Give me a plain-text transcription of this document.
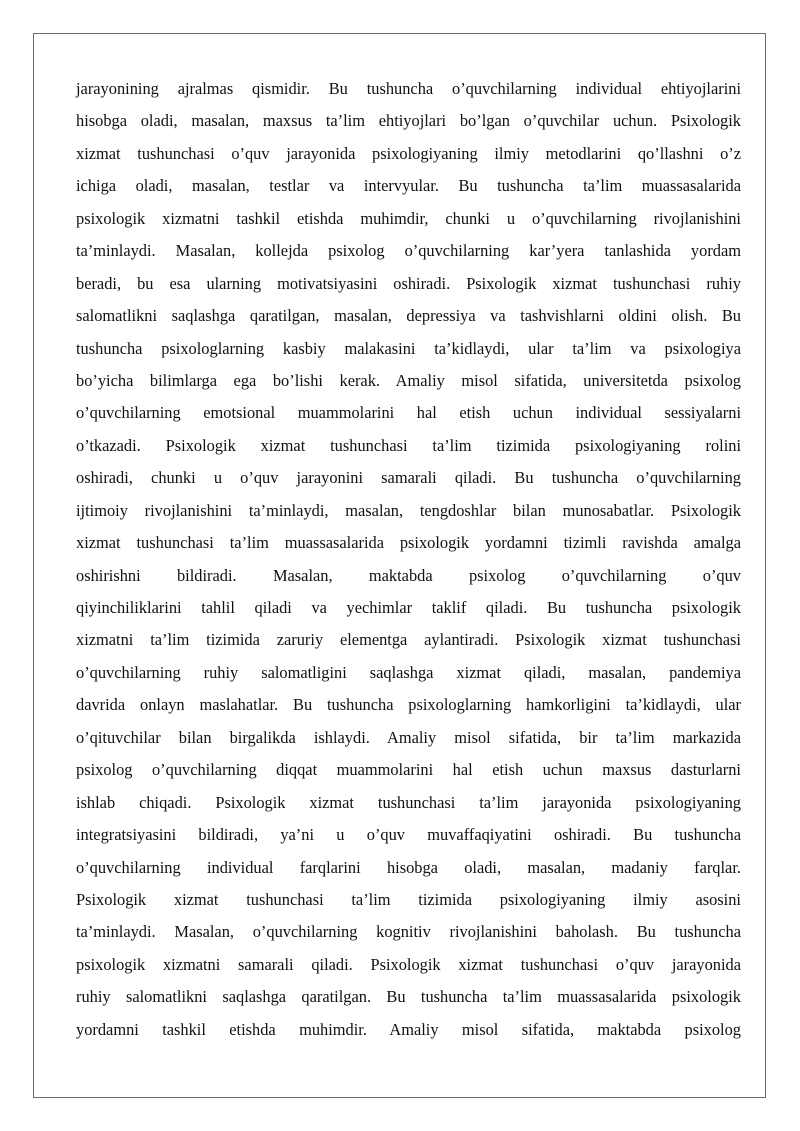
jarayonining ajralmas qismidir. Bu tushuncha o’quvchilarning individual ehtiyojlarini
hisobga oladi, masalan, maxsus ta’lim ehtiyojlari bo’lgan o’quvchilar uchun. Psixologik
xizmat tushunchasi o’quv jarayonida psixologiyaning ilmiy metodlarini qo’llashni o’z
ichiga oladi, masalan, testlar va intervyular. Bu tushuncha ta’lim muassasalarida
psixologik xizmatni tashkil etishda muhimdir, chunki u o’quvchilarning rivojlanishini
ta’minlaydi. Masalan, kollejda psixolog o’quvchilarning kar’yera tanlashida yordam
beradi, bu esa ularning motivatsiyasini oshiradi. Psixologik xizmat tushunchasi ruhiy
salomatlikni saqlashga qaratilgan, masalan, depressiya va tashvishlarni oldini olish. Bu
tushuncha psixologlarning kasbiy malakasini ta’kidlaydi, ular ta’lim va psixologiya
bo’yicha bilimlarga ega bo’lishi kerak. Amaliy misol sifatida, universitetda psixolog
o’quvchilarning emotsional muammolarini hal etish uchun individual sessiyalarni
o’tkazadi. Psixologik xizmat tushunchasi ta’lim tizimida psixologiyaning rolini
oshiradi, chunki u o’quv jarayonini samarali qiladi. Bu tushuncha o’quvchilarning
ijtimoiy rivojlanishini ta’minlaydi, masalan, tengdoshlar bilan munosabatlar. Psixologik
xizmat tushunchasi ta’lim muassasalarida psixologik yordamni tizimli ravishda amalga
oshirishni bildiradi. Masalan, maktabda psixolog o’quvchilarning o’quv
qiyinchiliklarini tahlil qiladi va yechimlar taklif qiladi. Bu tushuncha psixologik
xizmatni ta’lim tizimida zaruriy elementga aylantiradi. Psixologik xizmat tushunchasi
o’quvchilarning ruhiy salomatligini saqlashga xizmat qiladi, masalan, pandemiya
davrida onlayn maslahatlar. Bu tushuncha psixologlarning hamkorligini ta’kidlaydi, ular
o’qituvchilar bilan birgalikda ishlaydi. Amaliy misol sifatida, bir ta’lim markazida
psixolog o’quvchilarning diqqat muammolarini hal etish uchun maxsus dasturlarni
ishlab chiqadi. Psixologik xizmat tushunchasi ta’lim jarayonida psixologiyaning
integratsiyasini bildiradi, ya’ni u o’quv muvaffaqiyatini oshiradi. Bu tushuncha
o’quvchilarning individual farqlarini hisobga oladi, masalan, madaniy farqlar.
Psixologik xizmat tushunchasi ta’lim tizimida psixologiyaning ilmiy asosini
ta’minlaydi. Masalan, o’quvchilarning kognitiv rivojlanishini baholash. Bu tushuncha
psixologik xizmatni samarali qiladi. Psixologik xizmat tushunchasi o’quv jarayonida
ruhiy salomatlikni saqlashga qaratilgan. Bu tushuncha ta’lim muassasalarida psixologik
yordamni tashkil etishda muhimdir. Amaliy misol sifatida, maktabda psixolog
